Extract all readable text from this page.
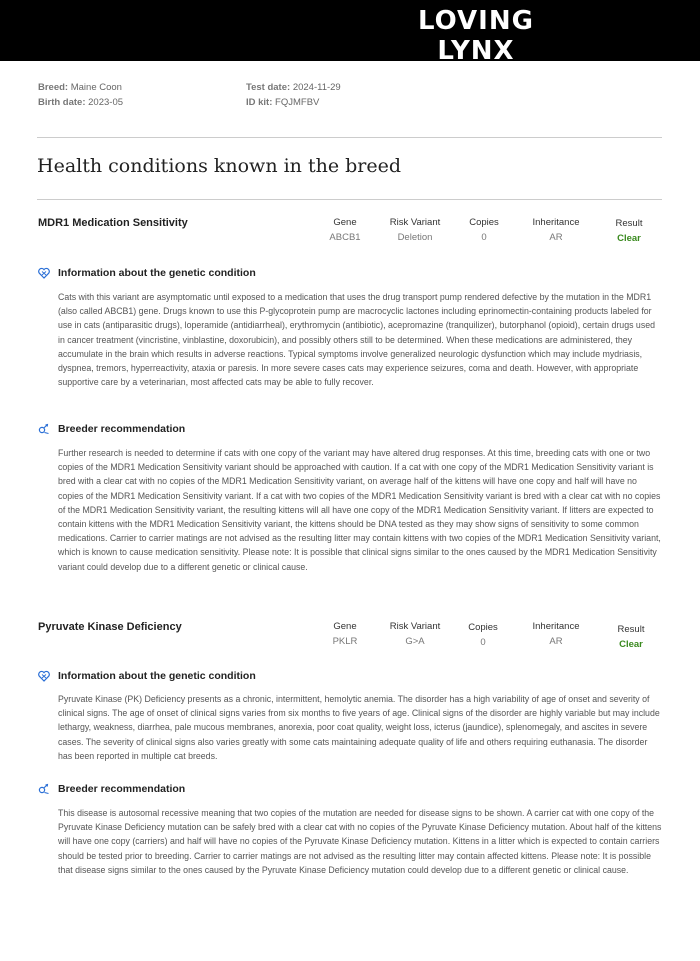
LOVING LYNX
Maine Coons
Breed: Maine Coon
Birth date: 2023-05
Test date: 2024-11-29
ID kit: FQJMFBV
Health conditions known in the breed
MDR1 Medication Sensitivity	Gene
ABCB1
Risk Variant
Deletion
Copies
0
Inheritance
AR
Result
Clear
Information about the genetic condition
Cats with this variant are asymptomatic until exposed to a medication that uses the drug transport pump rendered defective by the mutation in the MDR1 (also called ABCB1) gene. Drugs known to use this P-glycoprotein pump are macrocyclic lactones including eprinomectin-containing products labeled for use in cats (antiparasitic drugs), loperamide (antidiarrheal), erythromycin (antibiotic), acepromazine (tranquilizer), butorphanol (opioid), certain drugs used in cancer treatment (vincristine, vinblastine, doxorubicin), and possibly others still to be determined. When these medications are administered, they accumulate in the brain which results in adverse reactions. Typical symptoms involve generalized neurologic dysfunction which may include mydriasis, dyspnea, tremors, hyperreactivity, ataxia or paresis. In more severe cases cats may experience seizures, coma and death. However, with appropriate supportive care by a veterinarian, most affected cats may be able to fully recover.
Breeder recommendation
Further research is needed to determine if cats with one copy of the variant may have altered drug responses. At this time, breeding cats with one or two copies of the MDR1 Medication Sensitivity variant should be approached with caution. If a cat with one copy of the MDR1 Medication Sensitivity variant is bred with a clear cat with no copies of the MDR1 Medication Sensitivity variant, on average half of the kittens will have one copy and half will have no copies of the MDR1 Medication Sensitivity variant. If a cat with two copies of the MDR1 Medication Sensitivity variant is bred with a clear cat with no copies of the MDR1 Medication Sensitivity variant, the resulting kittens will all have one copy of the MDR1 Medication Sensitivity variant. If litters are expected to contain kittens with the MDR1 Medication Sensitivity variant, the kittens should be DNA tested as they may show signs of sensitivity to some common medications. Carrier to carrier matings are not advised as the resulting litter may contain kittens with two copies of the MDR1 Medication Sensitivity variant, which is known to cause medication sensitivity. Please note: It is possible that clinical signs similar to the ones caused by the MDR1 Medication Sensitivity variant could develop due to a different genetic or clinical cause.
Pyruvate Kinase Deficiency	Gene
PKLR
Risk Variant
G>A
Copies
0
Inheritance
AR
Result
Clear
Information about the genetic condition
Pyruvate Kinase (PK) Deficiency presents as a chronic, intermittent, hemolytic anemia. The disorder has a high variability of age of onset and severity of clinical signs. The age of onset of clinical signs varies from six months to five years of age. Clinical signs of the disorder are highly variable but may include lethargy, weakness, diarrhea, pale mucous membranes, anorexia, poor coat quality, weight loss, icterus (jaundice), splenomegaly, and ascites in severe cases. The severity of clinical signs also varies greatly with some cats maintaining adequate quality of life and others requiring euthanasia. The disorder has been reported in multiple cat breeds.
Breeder recommendation
This disease is autosomal recessive meaning that two copies of the mutation are needed for disease signs to be shown. A carrier cat with one copy of the Pyruvate Kinase Deficiency mutation can be safely bred with a clear cat with no copies of the Pyruvate Kinase Deficiency mutation. About half of the kittens will have one copy (carriers) and half will have no copies of the Pyruvate Kinase Deficiency mutation. Kittens in a litter which is expected to contain carriers should be tested prior to breeding. Carrier to carrier matings are not advised as the resulting litter may contain affected kittens. Please note: It is possible that disease signs similar to the ones caused by the Pyruvate Kinase Deficiency mutation could develop due to a different genetic or clinical cause.
